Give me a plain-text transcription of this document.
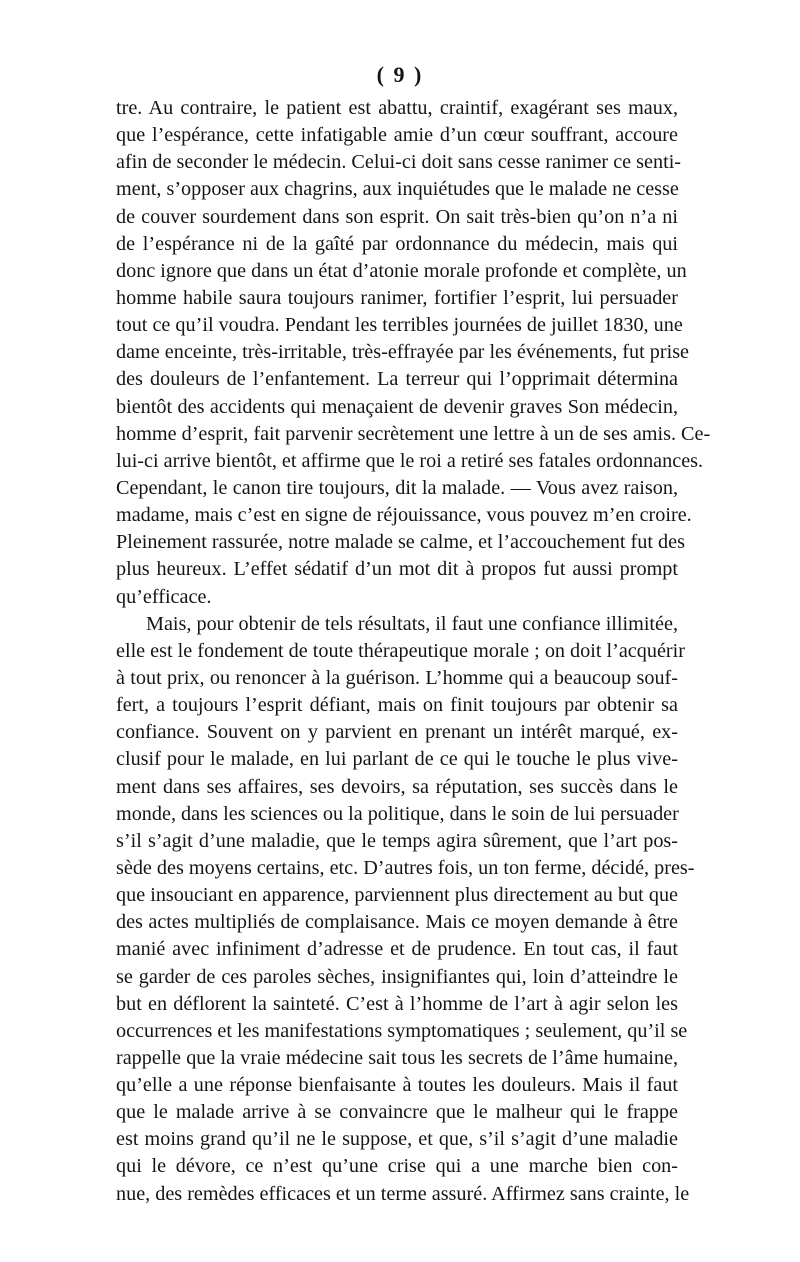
( 9 )
tre. Au contraire, le patient est abattu, craintif, exagérant ses maux,
que l’espérance, cette infatigable amie d’un cœur souffrant, accoure
afin de seconder le médecin. Celui-ci doit sans cesse ranimer ce senti-
ment, s’opposer aux chagrins, aux inquiétudes que le malade ne cesse
de couver sourdement dans son esprit. On sait très-bien qu’on n’a ni
de l’espérance ni de la gaîté par ordonnance du médecin, mais qui
donc ignore que dans un état d’atonie morale profonde et complète, un
homme habile saura toujours ranimer, fortifier l’esprit, lui persuader
tout ce qu’il voudra. Pendant les terribles journées de juillet 1830, une
dame enceinte, très-irritable, très-effrayée par les événements, fut prise
des douleurs de l’enfantement. La terreur qui l’opprimait détermina
bientôt des accidents qui menaçaient de devenir graves Son médecin,
homme d’esprit, fait parvenir secrètement une lettre à un de ses amis. Ce-
lui-ci arrive bientôt, et affirme que le roi a retiré ses fatales ordonnances.
Cependant, le canon tire toujours, dit la malade. — Vous avez raison,
madame, mais c’est en signe de réjouissance, vous pouvez m’en croire.
Pleinement rassurée, notre malade se calme, et l’accouchement fut des
plus heureux. L’effet sédatif d’un mot dit à propos fut aussi prompt
qu’efficace.
Mais, pour obtenir de tels résultats, il faut une confiance illimitée,
elle est le fondement de toute thérapeutique morale ; on doit l’acquérir
à tout prix, ou renoncer à la guérison. L’homme qui a beaucoup souf-
fert, a toujours l’esprit défiant, mais on finit toujours par obtenir sa
confiance. Souvent on y parvient en prenant un intérêt marqué, ex-
clusif pour le malade, en lui parlant de ce qui le touche le plus vive-
ment dans ses affaires, ses devoirs, sa réputation, ses succès dans le
monde, dans les sciences ou la politique, dans le soin de lui persuader
s’il s’agit d’une maladie, que le temps agira sûrement, que l’art pos-
sède des moyens certains, etc. D’autres fois, un ton ferme, décidé, pres-
que insouciant en apparence, parviennent plus directement au but que
des actes multipliés de complaisance. Mais ce moyen demande à être
manié avec infiniment d’adresse et de prudence. En tout cas, il faut
se garder de ces paroles sèches, insignifiantes qui, loin d’atteindre le
but en déflorent la sainteté. C’est à l’homme de l’art à agir selon les
occurrences et les manifestations symptomatiques ; seulement, qu’il se
rappelle que la vraie médecine sait tous les secrets de l’âme humaine,
qu’elle a une réponse bienfaisante à toutes les douleurs. Mais il faut
que le malade arrive à se convaincre que le malheur qui le frappe
est moins grand qu’il ne le suppose, et que, s’il s’agit d’une maladie
qui le dévore, ce n’est qu’une crise qui a une marche bien con-
nue, des remèdes efficaces et un terme assuré. Affirmez sans crainte, le
